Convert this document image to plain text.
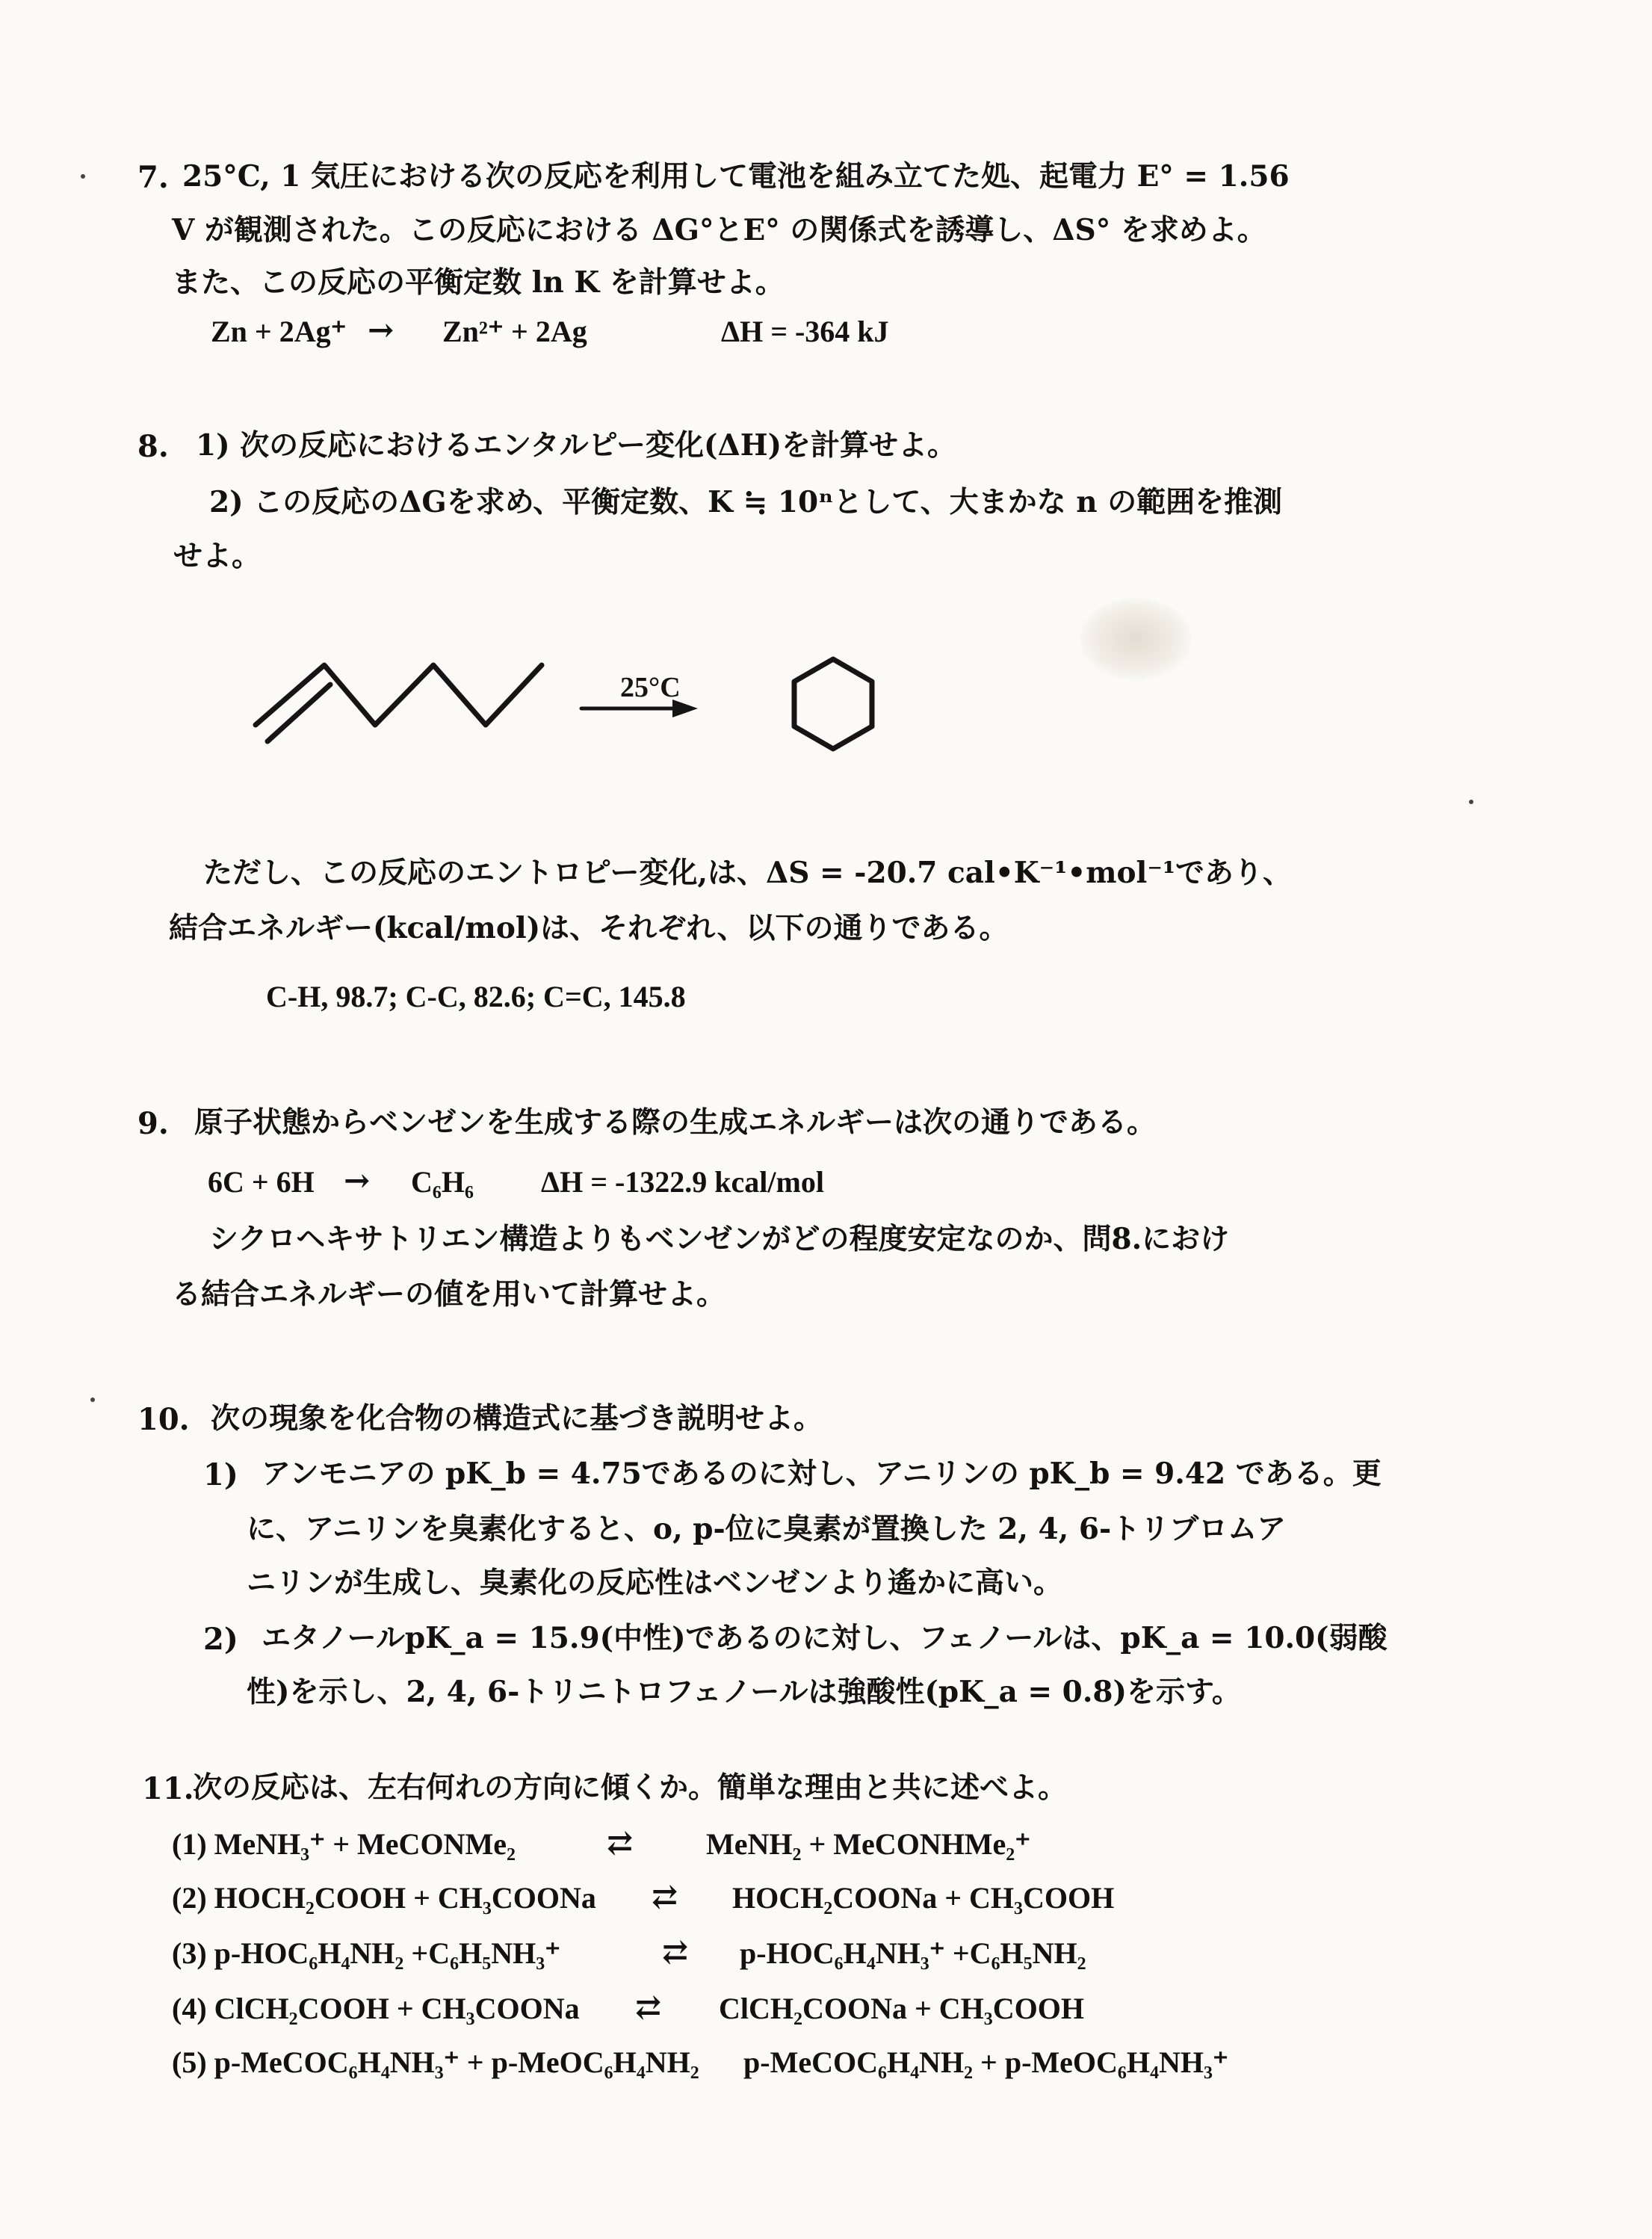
7. 25°C, 1 気圧における次の反応を利用して電池を組み立てた処、起電力 E° = 1.56
V が観測された。この反応における ΔG°とE° の関係式を誘導し、ΔS° を求めよ。
また、この反応の平衡定数 ln K を計算せよ。
Zn + 2Ag⁺ → Zn²⁺ + 2Ag	ΔH = -364 kJ
8. 1) 次の反応におけるエンタルピー変化(ΔH)を計算せよ。
2) この反応のΔGを求め、平衡定数、K ≒ 10ⁿとして、大まかな n の範囲を推測
せよ。
25°C
ただし、この反応のエントロピー変化,は、ΔS = -20.7 cal•K⁻¹•mol⁻¹であり、
結合エネルギー(kcal/mol)は、それぞれ、以下の通りである。
C-H, 98.7; C-C, 82.6; C=C, 145.8
9. 原子状態からベンゼンを生成する際の生成エネルギーは次の通りである。
6C + 6H → C₆H₆ ΔH = -1322.9 kcal/mol
シクロヘキサトリエン構造よりもベンゼンがどの程度安定なのか、問8.におけ
る結合エネルギーの値を用いて計算せよ。
10. 次の現象を化合物の構造式に基づき説明せよ。
1) アンモニアの pK_b = 4.75であるのに対し、アニリンの pK_b = 9.42 である。更
に、アニリンを臭素化すると、o, p-位に臭素が置換した 2, 4, 6-トリブロムア
ニリンが生成し、臭素化の反応性はベンゼンより遙かに高い。
2) エタノールpK_a = 15.9(中性)であるのに対し、フェノールは、pK_a = 10.0(弱酸
性)を示し、2, 4, 6-トリニトロフェノールは強酸性(pK_a = 0.8)を示す。
11.
次の反応は、左右何れの方向に傾くか。簡単な理由と共に述べよ。
(1) MeNH₃⁺ + MeCONMe₂	⇄ MeNH₂ + MeCONHMe₂⁺
(2) HOCH₂COOH + CH₃COONa ⇄ HOCH₂COONa + CH₃COOH
(3) p-HOC₆H₄NH₂ +C₆H₅NH₃⁺	⇄ p-HOC₆H₄NH₃⁺ +C₆H₅NH₂
(4) ClCH₂COOH + CH₃COONa ⇄ ClCH₂COONa + CH₃COOH
(5) p-MeCOC₆H₄NH₃⁺ + p-MeOC₆H₄NH₂ p-MeCOC₆H₄NH₂ + p-MeOC₆H₄NH₃⁺
